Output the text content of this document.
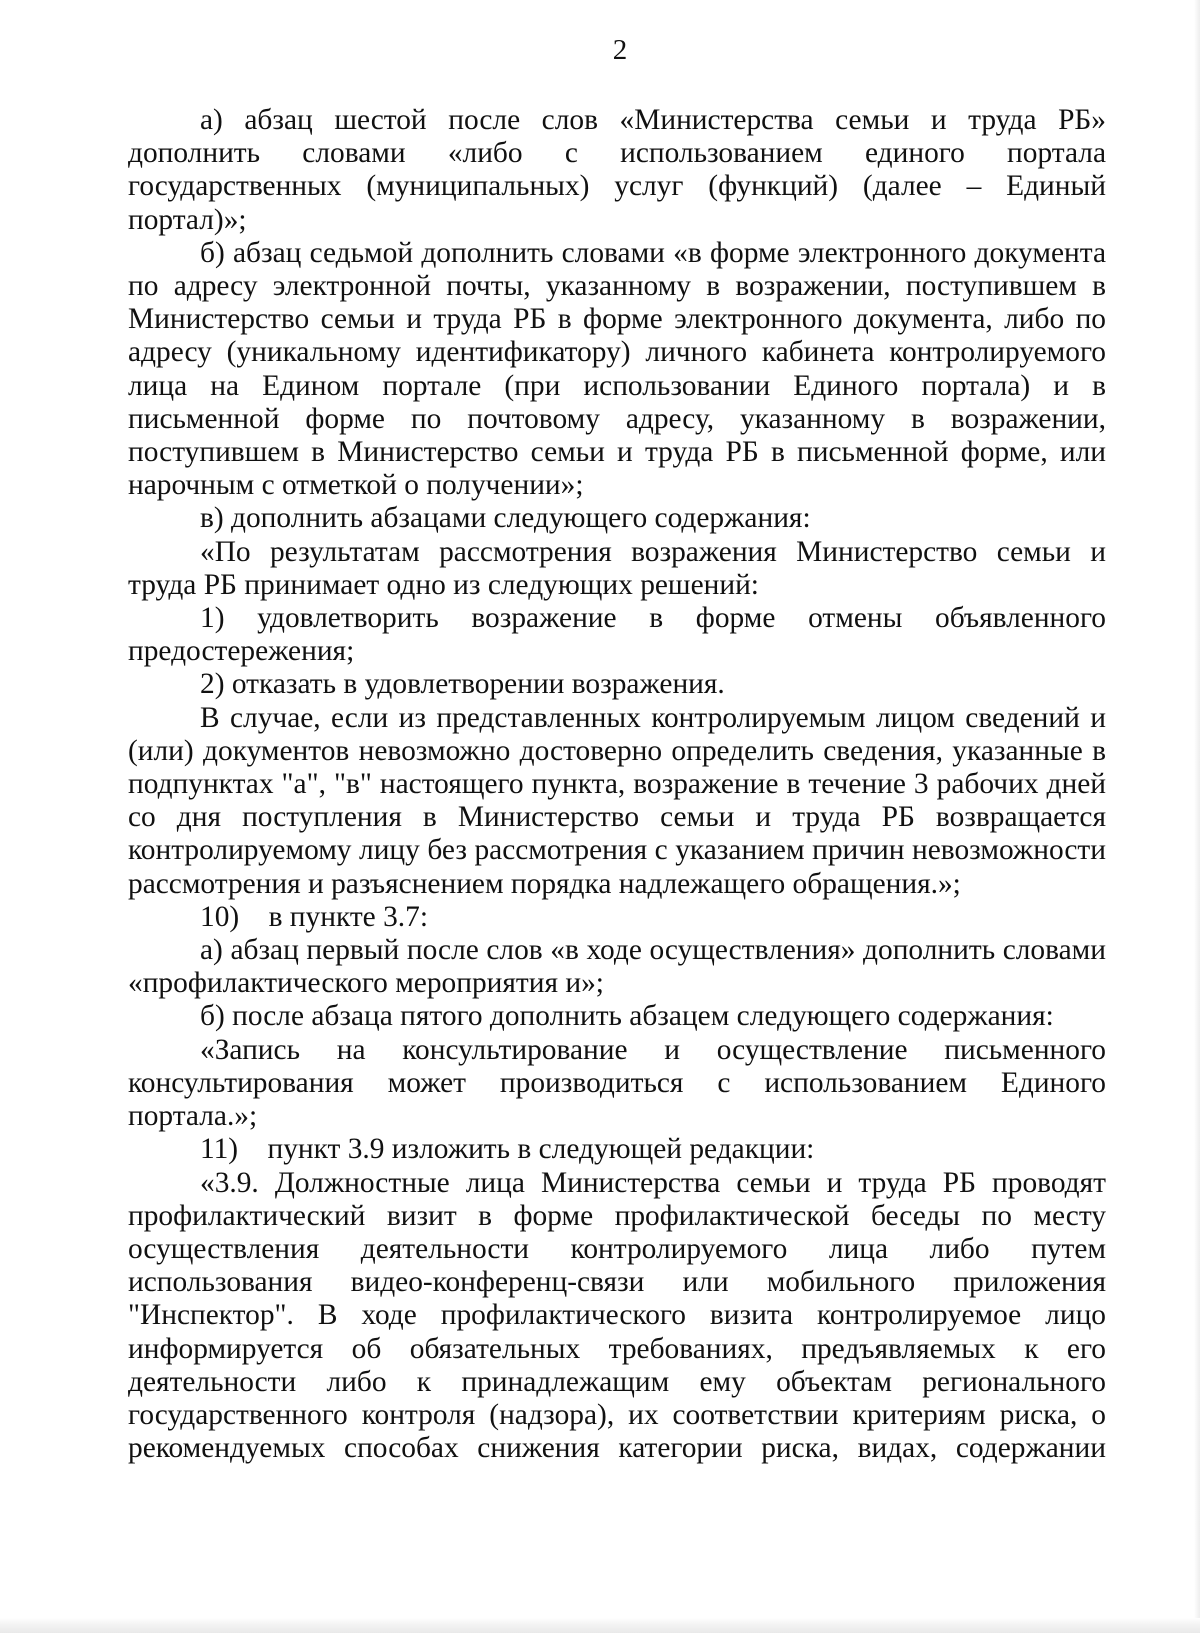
2

а) абзац шестой после слов «Министерства семьи и труда РБ» дополнить словами «либо с использованием единого портала государственных (муниципальных) услуг (функций) (далее – Единый портал)»;

б) абзац седьмой дополнить словами «в форме электронного документа по адресу электронной почты, указанному в возражении, поступившем в Министерство семьи и труда РБ в форме электронного документа, либо по адресу (уникальному идентификатору) личного кабинета контролируемого лица на Едином портале (при использовании Единого портала) и в письменной форме по почтовому адресу, указанному в возражении, поступившем в Министерство семьи и труда РБ в письменной форме, или нарочным с отметкой о получении»;

в) дополнить абзацами следующего содержания:

«По результатам рассмотрения возражения Министерство семьи и труда РБ принимает одно из следующих решений:

1) удовлетворить возражение в форме отмены объявленного предостережения;

2) отказать в удовлетворении возражения.

В случае, если из представленных контролируемым лицом сведений и (или) документов невозможно достоверно определить сведения, указанные в подпунктах "а", "в" настоящего пункта, возражение в течение 3 рабочих дней со дня поступления в Министерство семьи и труда РБ возвращается контролируемому лицу без рассмотрения с указанием причин невозможности рассмотрения и разъяснением порядка надлежащего обращения.»;

10)    в пункте 3.7:

а) абзац первый после слов «в ходе осуществления» дополнить словами «профилактического мероприятия и»;

б) после абзаца пятого дополнить абзацем следующего содержания:

«Запись на консультирование и осуществление письменного консультирования может производиться с использованием Единого портала.»;

11)    пункт 3.9 изложить в следующей редакции:

«3.9. Должностные лица Министерства семьи и труда РБ проводят профилактический визит в форме профилактической беседы по месту осуществления деятельности контролируемого лица либо путем использования видео-конференц-связи или мобильного приложения "Инспектор". В ходе профилактического визита контролируемое лицо информируется об обязательных требованиях, предъявляемых к его деятельности либо к принадлежащим ему объектам регионального государственного контроля (надзора), их соответствии критериям риска, о рекомендуемых способах снижения категории риска, видах, содержании
